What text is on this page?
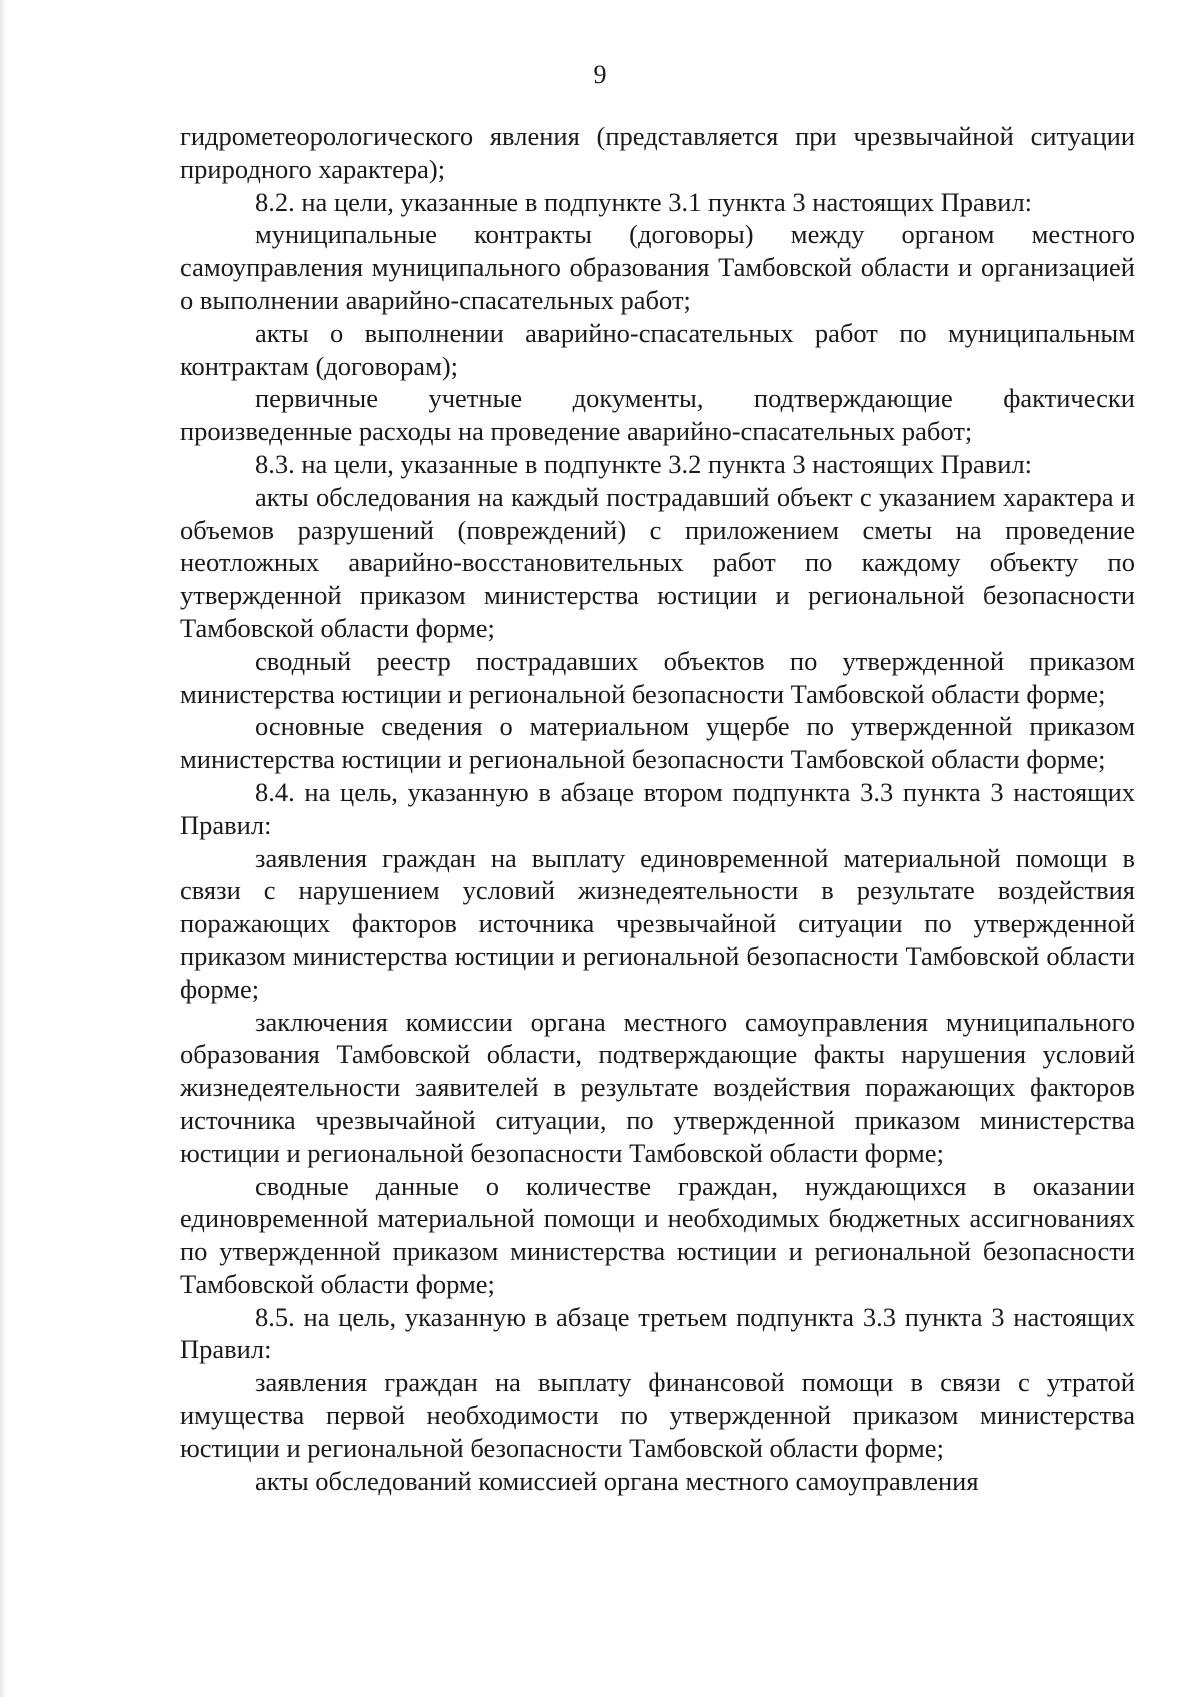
9

гидрометеорологического явления (представляется при чрезвычайной ситуации природного характера);

8.2. на цели, указанные в подпункте 3.1 пункта 3 настоящих Правил:

муниципальные контракты (договоры) между органом местного самоуправления муниципального образования Тамбовской области и организацией о выполнении аварийно-спасательных работ;

акты о выполнении аварийно-спасательных работ по муниципальным контрактам (договорам);

первичные учетные документы, подтверждающие фактически произведенные расходы на проведение аварийно-спасательных работ;

8.3. на цели, указанные в подпункте 3.2 пункта 3 настоящих Правил:

акты обследования на каждый пострадавший объект с указанием характера и объемов разрушений (повреждений) с приложением сметы на проведение неотложных аварийно-восстановительных работ по каждому объекту по утвержденной приказом министерства юстиции и региональной безопасности Тамбовской области форме;

сводный реестр пострадавших объектов по утвержденной приказом министерства юстиции и региональной безопасности Тамбовской области форме;

основные сведения о материальном ущербе по утвержденной приказом министерства юстиции и региональной безопасности Тамбовской области форме;

8.4. на цель, указанную в абзаце втором подпункта 3.3 пункта 3 настоящих Правил:

заявления граждан на выплату единовременной материальной помощи в связи с нарушением условий жизнедеятельности в результате воздействия поражающих факторов источника чрезвычайной ситуации по утвержденной приказом министерства юстиции и региональной безопасности Тамбовской области форме;

заключения комиссии органа местного самоуправления муниципального образования Тамбовской области, подтверждающие факты нарушения условий жизнедеятельности заявителей в результате воздействия поражающих факторов источника чрезвычайной ситуации, по утвержденной приказом министерства юстиции и региональной безопасности Тамбовской области форме;

сводные данные о количестве граждан, нуждающихся в оказании единовременной материальной помощи и необходимых бюджетных ассигнованиях по утвержденной приказом министерства юстиции и региональной безопасности Тамбовской области форме;

8.5. на цель, указанную в абзаце третьем подпункта 3.3 пункта 3 настоящих Правил:

заявления граждан на выплату финансовой помощи в связи с утратой имущества первой необходимости по утвержденной приказом министерства юстиции и региональной безопасности Тамбовской области форме;

акты обследований комиссией органа местного самоуправления
